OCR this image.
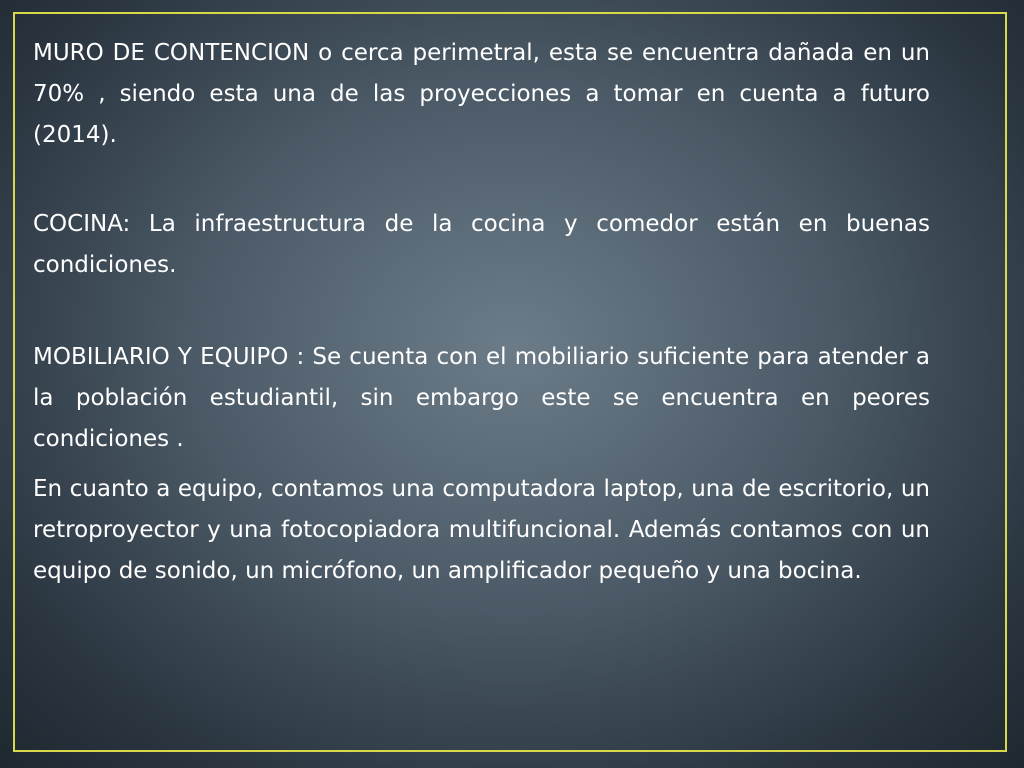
MURO DE CONTENCION o cerca perimetral, esta se encuentra dañada en un 70% , siendo esta una de las proyecciones a tomar en cuenta a futuro (2014).

COCINA: La infraestructura de la cocina y comedor están en buenas condiciones.

MOBILIARIO Y EQUIPO : Se cuenta con el mobiliario suficiente para atender a la población estudiantil, sin embargo este se encuentra en peores condiciones .

En cuanto a equipo, contamos una computadora laptop, una de escritorio, un retroproyector y una fotocopiadora multifuncional. Además contamos con un equipo de sonido, un micrófono, un amplificador pequeño y una bocina.
